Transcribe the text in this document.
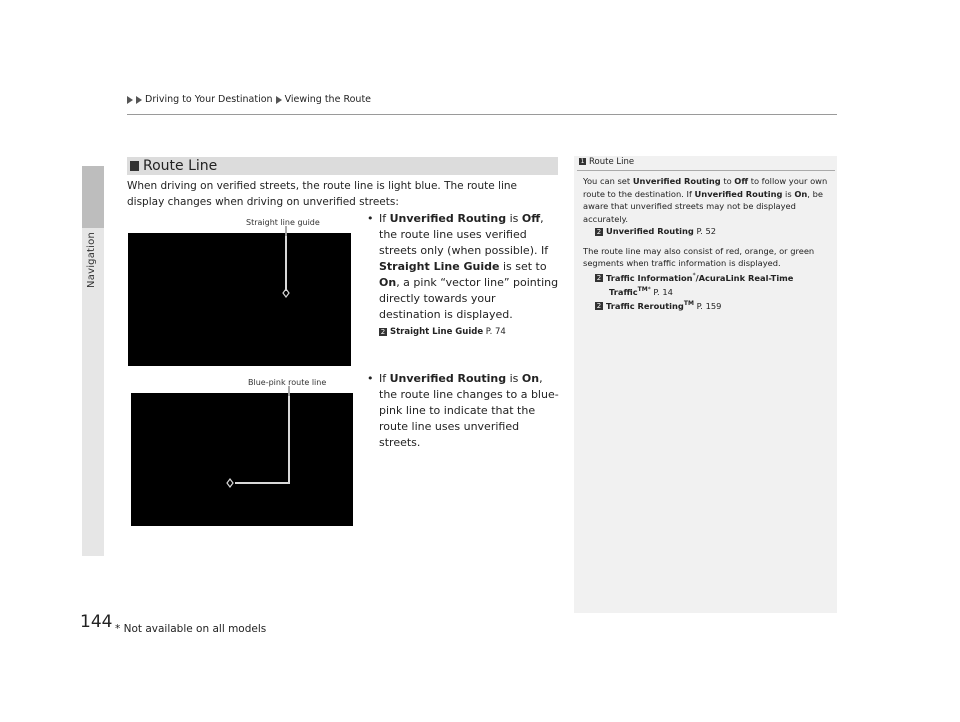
Navigation
Driving to Your Destination Viewing the Route
Route Line
When driving on verified streets, the route line is light blue. The route line display changes when driving on unverified streets:
Straight line guide
Blue-pink route line
• If Unverified Routing is Off, the route line uses verified streets only (when possible). If Straight Line Guide is set to On, a pink “vector line” pointing directly towards your destination is displayed.
2 Straight Line Guide P. 74
• If Unverified Routing is On, the route line changes to a blue-pink line to indicate that the route line uses unverified streets.
1 Route Line

You can set Unverified Routing to Off to follow your own route to the destination. If Unverified Routing is On, be aware that unverified streets may not be displayed accurately.
2 Unverified Routing P. 52

The route line may also consist of red, orange, or green segments when traffic information is displayed.
2 Traffic Information*/AcuraLink Real-Time
Traffic$^{TM*}$ P. 14
2 Traffic Rerouting™ P. 159

144 * Not available on all models
